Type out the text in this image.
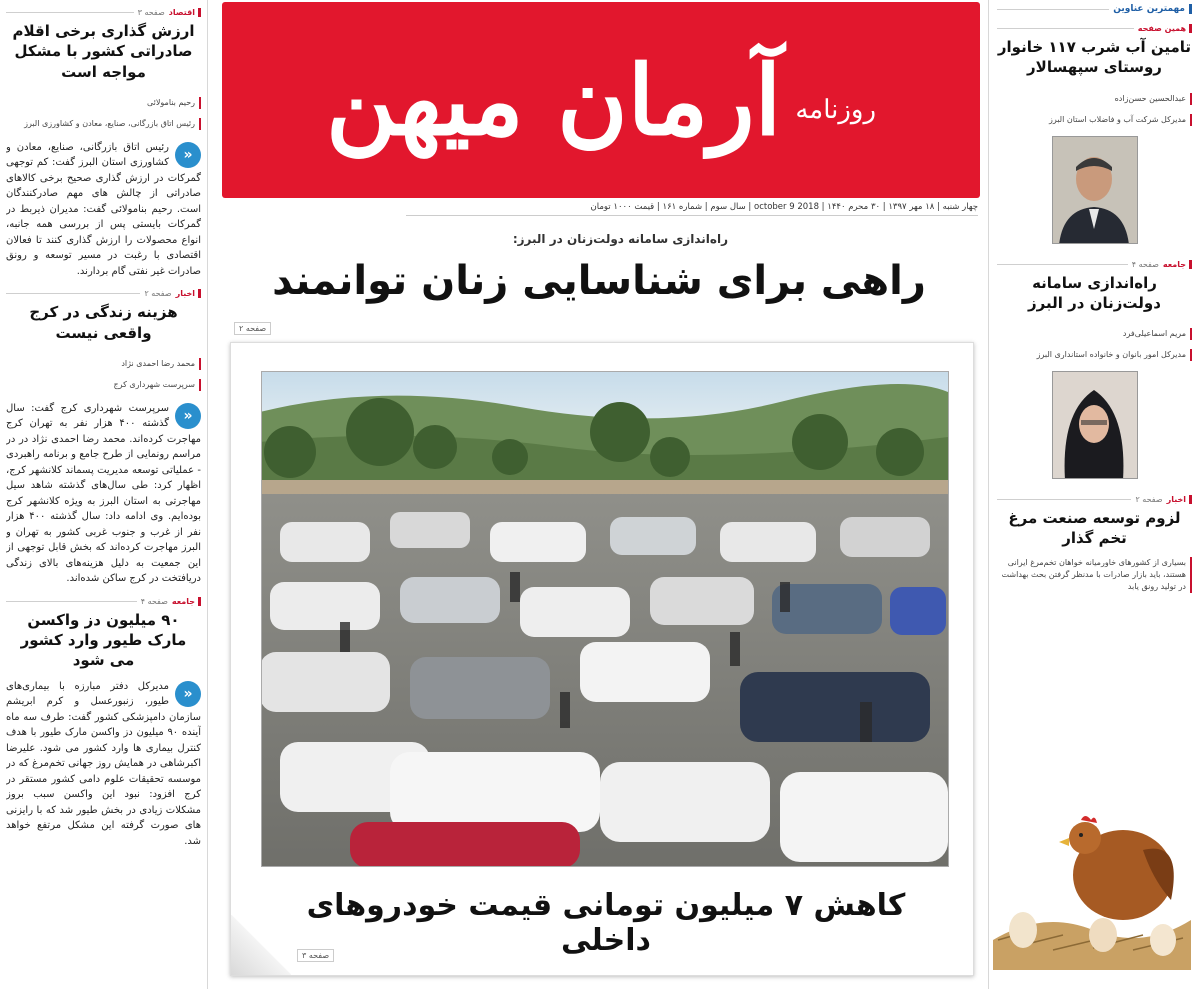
اقتصاد
صفحه ۳
ارزش گذاری برخی اقلام صادراتی کشور با مشکل مواجه است
رحیم بنامولائی
رئیس اتاق بازرگانی، صنایع، معادن و کشاورزی البرز
«
رئیس اتاق بازرگانی، صنایع، معادن و کشاورزی استان البرز گفت: کم توجهی گمرکات در ارزش گذاری صحیح برخی کالاهای صادراتی از چالش های مهم صادرکنندگان است. رحیم بنامولائی گفت: مدیران ذیربط در گمرکات بایستی پس از بررسی همه جانبه، انواع محصولات را ارزش گذاری کنند تا فعالان اقتصادی با رغبت در مسیر توسعه و رونق صادرات غیر نفتی گام بردارند.
اخبار
صفحه ۲
هزینه زندگی در کرج واقعی نیست
محمد رضا احمدی نژاد
سرپرست شهرداری کرج
«
سرپرست شهرداری کرج گفت: سال گذشته ۴۰۰ هزار نفر به تهران کرج مهاجرت کرده‌اند. محمد رضا احمدی نژاد در در مراسم رونمایی از طرح جامع و برنامه راهبردی - عملیاتی توسعه مدیریت پسماند کلانشهر کرج، اظهار کرد: طی سال‌های گذشته شاهد سیل مهاجرتی به استان البرز به ویژه کلانشهر کرج بوده‌ایم. وی ادامه داد: سال گذشته ۴۰۰ هزار نفر از غرب و جنوب غربی کشور به تهران و البرز مهاجرت کرده‌اند که بخش قابل توجهی از این جمعیت به دلیل هزینه‌های بالای زندگی دریافتخت در کرج ساکن شده‌اند.
جامعه
صفحه ۴
۹۰ میلیون دز واکسن مارک طیور وارد کشور می شود
«
مدیرکل دفتر مبارزه با بیماری‌های طیور، زنبورعسل و کرم ابریشم سازمان دامپزشکی کشور گفت: طرف سه ماه آینده ۹۰ میلیون دز واکسن مارک طیور با هدف کنترل بیماری ها وارد کشور می شود. علیرضا اکبرشاهی در همایش روز جهانی تخم‌مرغ که در موسسه تحقیقات علوم دامی کشور مستقر در کرج افزود: نبود این واکسن سبب بروز مشکلات زیادی در بخش طیور شد که با رایزنی های صورت گرفته این مشکل مرتفع خواهد شد.
روزنامه
آرمان میهن
چهار شنبه | ۱۸ مهر ۱۳۹۷ | ۳۰ محرم ۱۴۴۰ | 2018 october 9 | سال سوم | شماره ۱۶۱ | قیمت ۱۰۰۰ تومان
راه‌اندازی سامانه دولت‌زنان در البرز:
راهی برای شناسایی زنان توانمند
صفحه ۲
کاهش ۷ میلیون تومانی قیمت خودروهای داخلی
صفحه ۳
مهمترین عناوین
همین صفحه
تامین آب شرب ۱۱۷ خانوار روستای سپهسالار
عبدالحسین حسن‌زاده
مدیرکل شرکت آب و فاضلاب استان البرز
جامعه
صفحه ۴
راه‌اندازی سامانه دولت‌زنان در البرز
مریم اسماعیلی‌فرد
مدیرکل امور بانوان و خانواده استانداری البرز
اخبار
صفحه ۲
لزوم توسعه صنعت مرغ تخم گذار
بسیاری از کشورهای خاورمیانه خواهان تخم‌مرغ ایرانی هستند، باید بازار صادرات با مدنظر گرفتن بحث بهداشت در تولید رونق یابد
